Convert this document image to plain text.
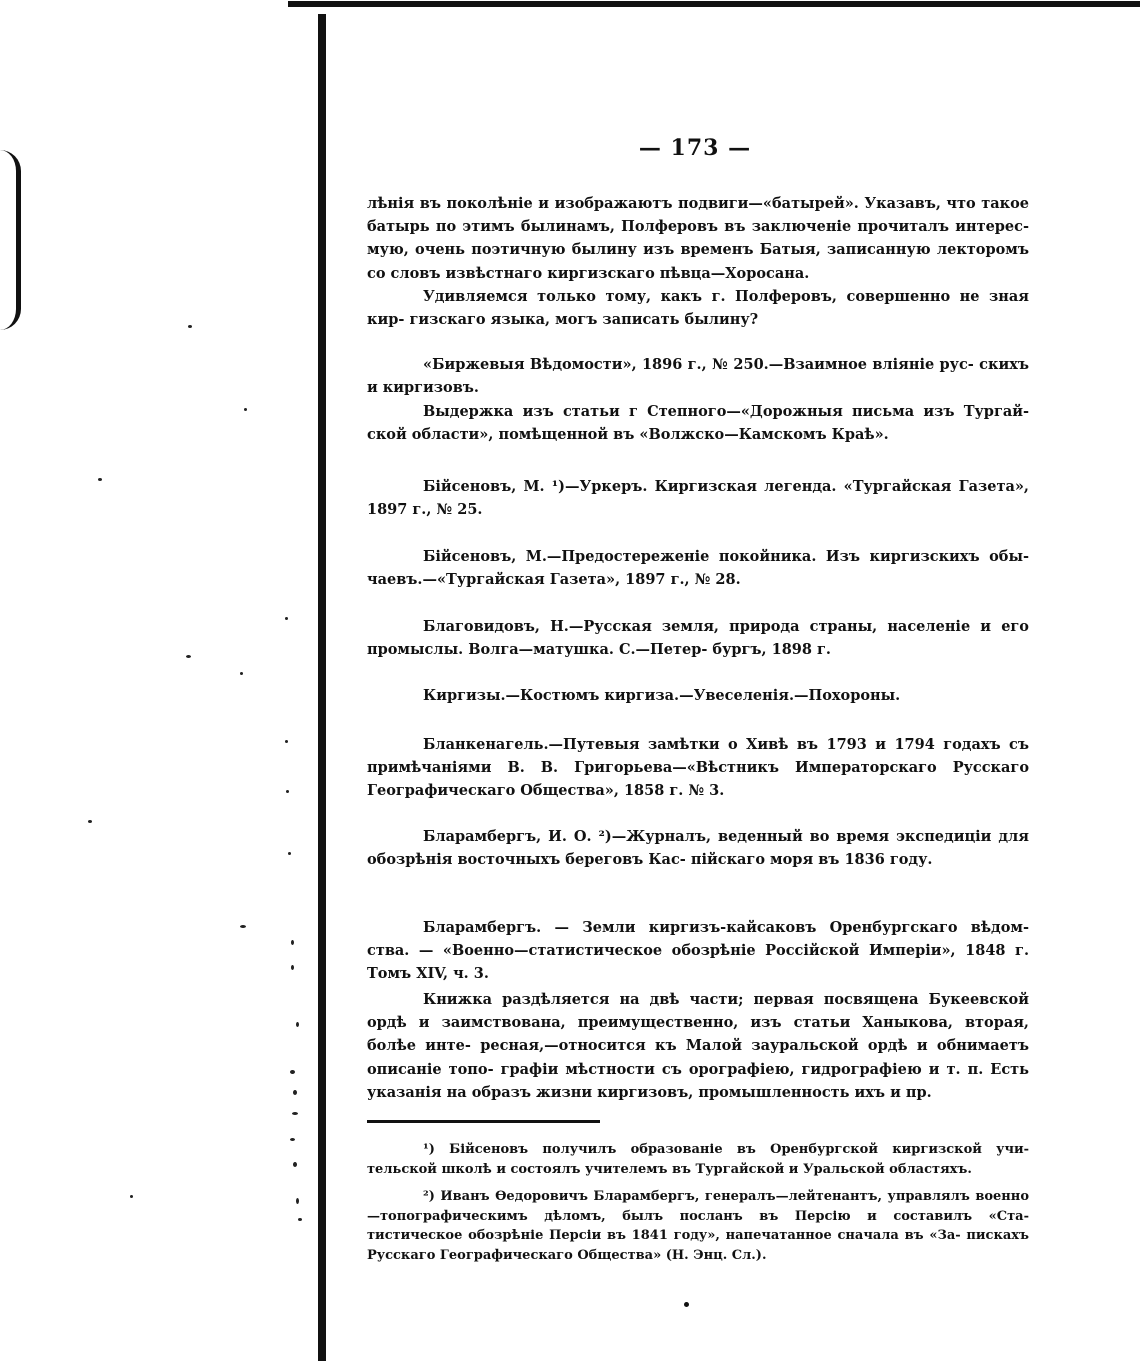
— 173 —
лѣнія въ поколѣніе и изображаютъ подвиги—«батырей». Указавъ, что такое батырь по этимъ былинамъ, Полферовъ въ заключеніе прочиталъ интерес- мую, очень поэтичную былину изъ временъ Батыя, записанную лекторомъ со словъ извѣстнаго киргизскаго пѣвца—Хоросана.
Удивляемся только тому, какъ г. Полферовъ, совершенно не зная кир- гизскаго языка, могъ записать былину?
«Биржевыя Вѣдомости», 1896 г., № 250.—Взаимное вліяніе рус- скихъ и киргизовъ.
Выдержка изъ статьи г Степного—«Дорожныя письма изъ Тургай- ской области», помѣщенной въ «Волжско—Камскомъ Краѣ».
Бійсеновъ, М. ¹)—Уркеръ. Киргизская легенда. «Тургайская Газета», 1897 г., № 25.
Бійсеновъ, М.—Предостереженіе покойника. Изъ киргизскихъ обы- чаевъ.—«Тургайская Газета», 1897 г., № 28.
Благовидовъ, Н.—Русская земля, природа страны, населеніе и его промыслы. Волга—матушка. С.—Петер- бургъ, 1898 г.
Киргизы.—Костюмъ киргиза.—Увеселенія.—Похороны.
Бланкенагель.—Путевыя замѣтки о Хивѣ въ 1793 и 1794 годахъ съ примѣчаніями В. В. Григорьева—«Вѣстникъ Императорскаго Русскаго Географическаго Общества», 1858 г. № 3.
Бларамбергъ, И. О. ²)—Журналъ, веденный во время экспедиціи для обозрѣнія восточныхъ береговъ Кас- пійскаго моря въ 1836 году.
Бларамбергъ. — Земли киргизъ-кайсаковъ Оренбургскаго вѣдом- ства. — «Военно—статистическое обозрѣніе Россійской Имперіи», 1848 г. Томъ XIV, ч. 3.
Книжка раздѣляется на двѣ части; первая посвящена Букеевской ордѣ и заимствована, преимущественно, изъ статьи Ханыкова, вторая, болѣе инте- ресная,—относится къ Малой зауральской ордѣ и обнимаетъ описаніе топо- графіи мѣстности съ орографіею, гидрографіею и т. п. Есть указанія на образъ жизни киргизовъ, промышленность ихъ и пр.
¹) Бійсеновъ получилъ образованіе въ Оренбургской киргизской учи- тельской школѣ и состоялъ учителемъ въ Тургайской и Уральской областяхъ.
²) Иванъ Ѳедоровичъ Бларамбергъ, генералъ—лейтенантъ, управлялъ военно—топографическимъ дѣломъ, былъ посланъ въ Персію и составилъ «Ста- тистическое обозрѣніе Персіи въ 1841 году», напечатанное сначала въ «За- пискахъ Русскаго Географическаго Общества» (Н. Энц. Сл.).
